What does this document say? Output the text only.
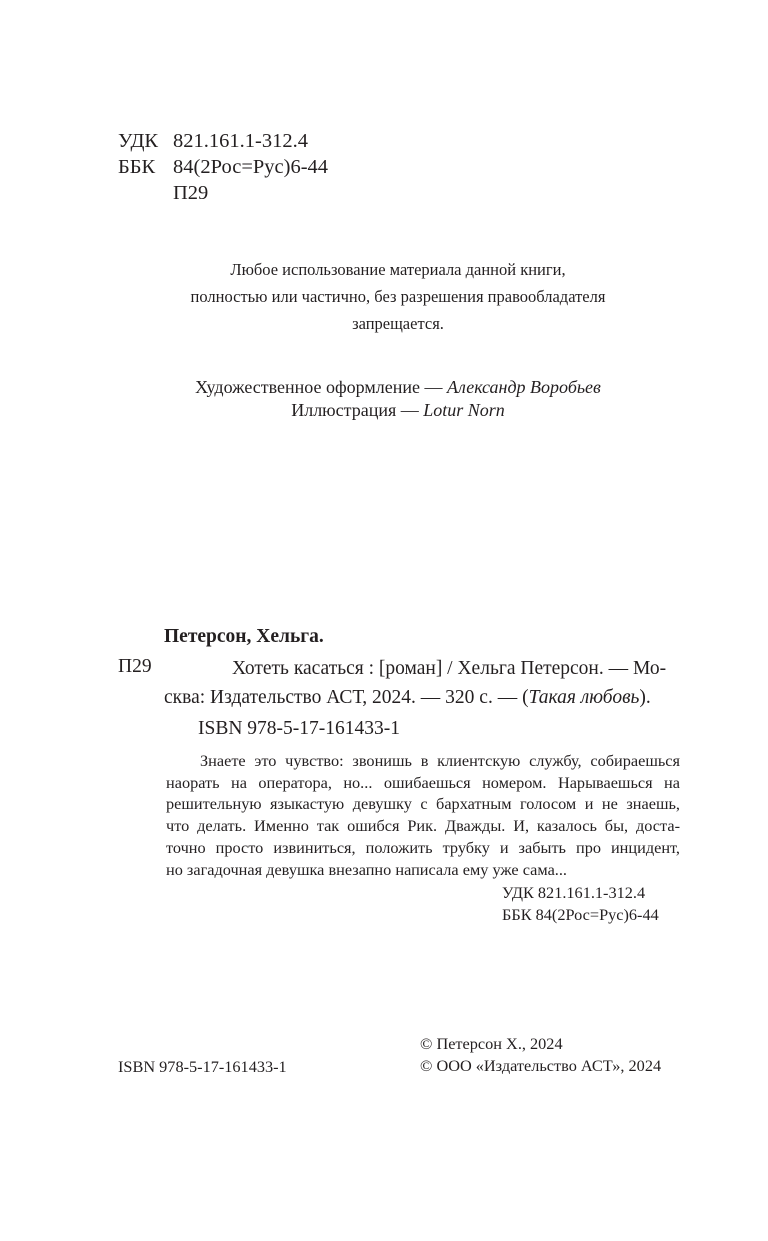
УДК 821.161.1-312.4
ББК 84(2Рос=Рус)6-44
П29
Любое использование материала данной книги,
полностью или частично, без разрешения правообладателя
запрещается.
Художественное оформление — Александр Воробьев
Иллюстрация — Lotur Norn
Петерсон, Хельга.
П29	Хотеть касаться : [роман] / Хельга Петерсон. — Мо-
сква: Издательство АСТ, 2024. — 320 с. — (Такая любовь).
ISBN 978-5-17-161433-1
Знаете это чувство: звонишь в клиентскую службу, собираешься
наорать на оператора, но... ошибаешься номером. Нарываешься на
решительную языкастую девушку с бархатным голосом и не знаешь,
что делать. Именно так ошибся Рик. Дважды. И, казалось бы, доста-
точно просто извиниться, положить трубку и забыть про инцидент,
но загадочная девушка внезапно написала ему уже сама...
УДК 821.161.1-312.4
ББК 84(2Рос=Рус)6-44
ISBN 978-5-17-161433-1
© Петерсон Х., 2024
© ООО «Издательство АСТ», 2024
